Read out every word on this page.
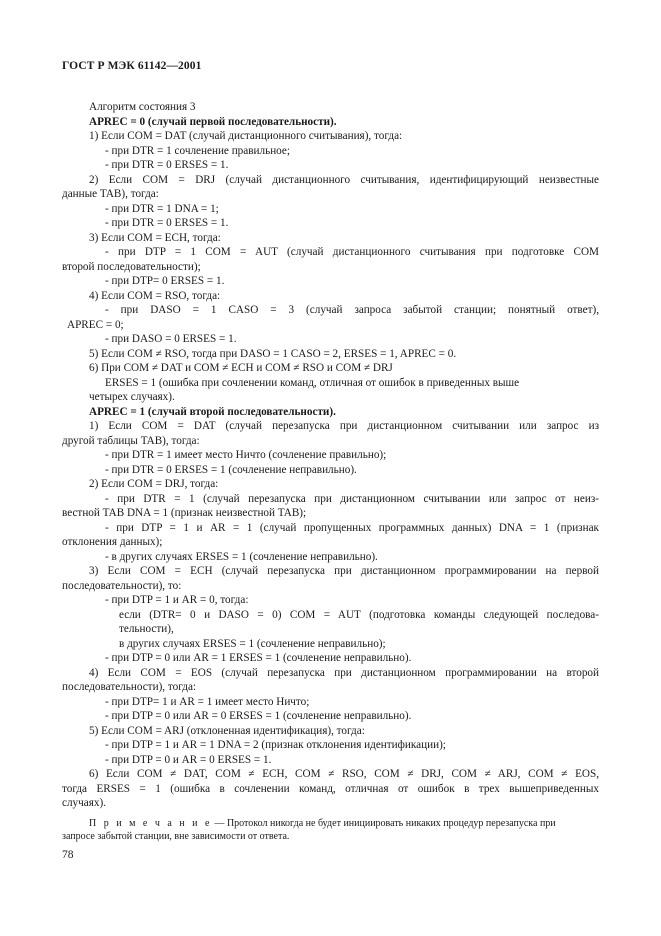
ГОСТ Р МЭК 61142—2001
Алгоритм состояния 3
APREC = 0 (случай первой последовательности).
1) Если COM = DAT (случай дистанционного считывания), тогда:
- при DTR = 1 сочленение правильное;
- при DTR = 0 ERSES = 1.
2) Если COM = DRJ (случай дистанционного считывания, идентифицирующий неизвестные
данные TAB), тогда:
- при DTR = 1 DNA = 1;
- при DTR = 0 ERSES = 1.
3) Если COM = ECH, тогда:
- при DTP = 1 COM = AUT (случай дистанционного считывания при подготовке COM
второй последовательности);
- при DTP= 0 ERSES = 1.
4) Если COM = RSO, тогда:
- при DASO = 1 CASO = 3 (случай запроса забытой станции; понятный ответ),
APREC = 0;
- при DASO = 0 ERSES = 1.
5) Если COM ≠ RSO, тогда при DASO = 1 CASO = 2, ERSES = 1, APREC = 0.
6) При COM ≠ DAT и COM ≠ ECH и COM ≠ RSO и COM ≠ DRJ
ERSES = 1 (ошибка при сочленении команд, отличная от ошибок в приведенных выше
четырех случаях).
APREC = 1 (случай второй последовательности).
1) Если COM = DAT (случай перезапуска при дистанционном считывании или запрос из
другой таблицы TAB), тогда:
- при DTR = 1 имеет место Ничто (сочленение правильно);
- при DTR = 0 ERSES = 1 (сочленение неправильно).
2) Если COM = DRJ, тогда:
- при DTR = 1 (случай перезапуска при дистанционном считывании или запрос от неиз-
вестной TAB DNA = 1 (признак неизвестной TAB);
- при DTP = 1 и AR = 1 (случай пропущенных программных данных) DNA = 1 (признак
отклонения данных);
- в других случаях ERSES = 1 (сочленение неправильно).
3) Если COM = ECH (случай перезапуска при дистанционном программировании на первой
последовательности), то:
- при DTP = 1 и AR = 0, тогда:
если (DTR= 0 и DASO = 0) COM = AUT (подготовка команды следующей последова-
тельности),
в других случаях ERSES = 1 (сочленение неправильно);
- при DTP = 0 или AR = 1 ERSES = 1 (сочленение неправильно).
4) Если COM = EOS (случай перезапуска при дистанционном программировании на второй
последовательности), тогда:
- при DTP= 1 и AR = 1 имеет место Ничто;
- при DTP = 0 или AR = 0 ERSES = 1 (сочленение неправильно).
5) Если COM = ARJ (отклоненная идентификация), тогда:
- при DTP = 1 и AR = 1 DNA = 2 (признак отклонения идентификации);
- при DTP = 0 и AR = 0 ERSES = 1.
6) Если COM ≠ DAT, COM ≠ ECH, COM ≠ RSO, COM ≠ DRJ, COM ≠ ARJ, COM ≠ EOS,
тогда ERSES = 1 (ошибка в сочленении команд, отличная от ошибок в трех вышеприведенных
случаях).
П р и м е ч а н и е — Протокол никогда не будет инициировать никаких процедур перезапуска при
запросе забытой станции, вне зависимости от ответа.
78
